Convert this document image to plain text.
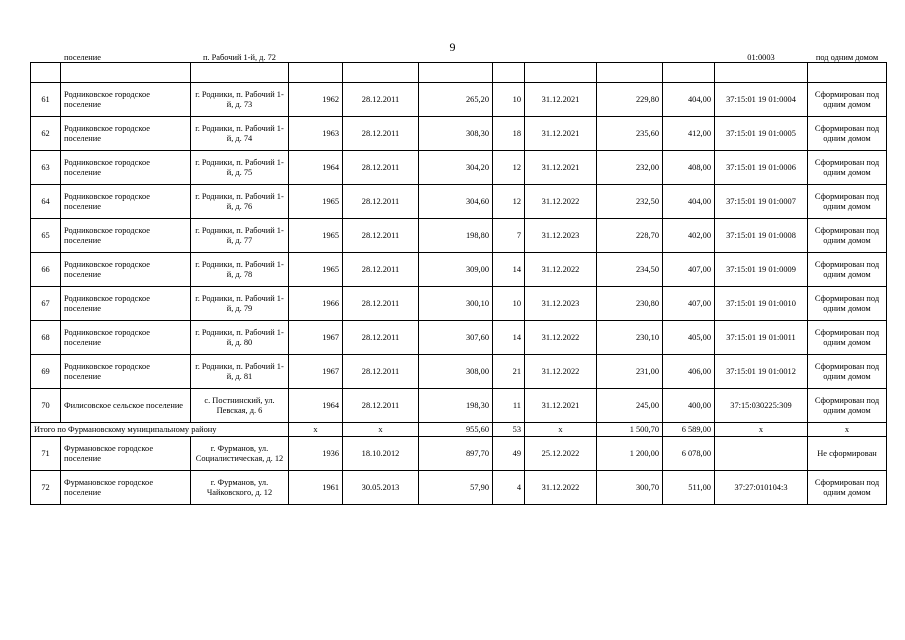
9

	поселение	п. Рабочий 1-й, д. 72								01:0003	под одним домом

61	Родниковское городское поселение	г. Родники, п. Рабочий 1-й, д. 73	1962	28.12.2011	265,20	10	31.12.2021	229,80	404,00	37:15:01 19 01:0004	Сформирован под одним домом
62	Родниковское городское поселение	г. Родники, п. Рабочий 1-й, д. 74	1963	28.12.2011	308,30	18	31.12.2021	235,60	412,00	37:15:01 19 01:0005	Сформирован под одним домом
63	Родниковское городское поселение	г. Родники, п. Рабочий 1-й, д. 75	1964	28.12.2011	304,20	12	31.12.2021	232,00	408,00	37:15:01 19 01:0006	Сформирован под одним домом
64	Родниковское городское поселение	г. Родники, п. Рабочий 1-й, д. 76	1965	28.12.2011	304,60	12	31.12.2022	232,50	404,00	37:15:01 19 01:0007	Сформирован под одним домом
65	Родниковское городское поселение	г. Родники, п. Рабочий 1-й, д. 77	1965	28.12.2011	198,80	7	31.12.2023	228,70	402,00	37:15:01 19 01:0008	Сформирован под одним домом
66	Родниковское городское поселение	г. Родники, п. Рабочий 1-й, д. 78	1965	28.12.2011	309,00	14	31.12.2022	234,50	407,00	37:15:01 19 01:0009	Сформирован под одним домом
67	Родниковское городское поселение	г. Родники, п. Рабочий 1-й, д. 79	1966	28.12.2011	300,10	10	31.12.2023	230,80	407,00	37:15:01 19 01:0010	Сформирован под одним домом
68	Родниковское городское поселение	г. Родники, п. Рабочий 1-й, д. 80	1967	28.12.2011	307,60	14	31.12.2022	230,10	405,00	37:15:01 19 01:0011	Сформирован под одним домом
69	Родниковское городское поселение	г. Родники, п. Рабочий 1-й, д. 81	1967	28.12.2011	308,00	21	31.12.2022	231,00	406,00	37:15:01 19 01:0012	Сформирован под одним домом
70	Филисовское сельское поселение	с. Постнинский, ул. Певская, д. 6	1964	28.12.2011	198,30	11	31.12.2021	245,00	400,00	37:15:030225:309	Сформирован под одним домом
Итого по Фурмановскому муниципальному району			x	x	955,60	53	x	1 500,70	6 589,00	x	x
71	Фурмановское городское поселение	г. Фурманов, ул. Социалистическая, д. 12	1936	18.10.2012	897,70	49	25.12.2022	1 200,00	6 078,00		Не сформирован
72	Фурмановское городское поселение	г. Фурманов, ул. Чайковского, д. 12	1961	30.05.2013	57,90	4	31.12.2022	300,70	511,00	37:27:010104:3	Сформирован под одним домом
